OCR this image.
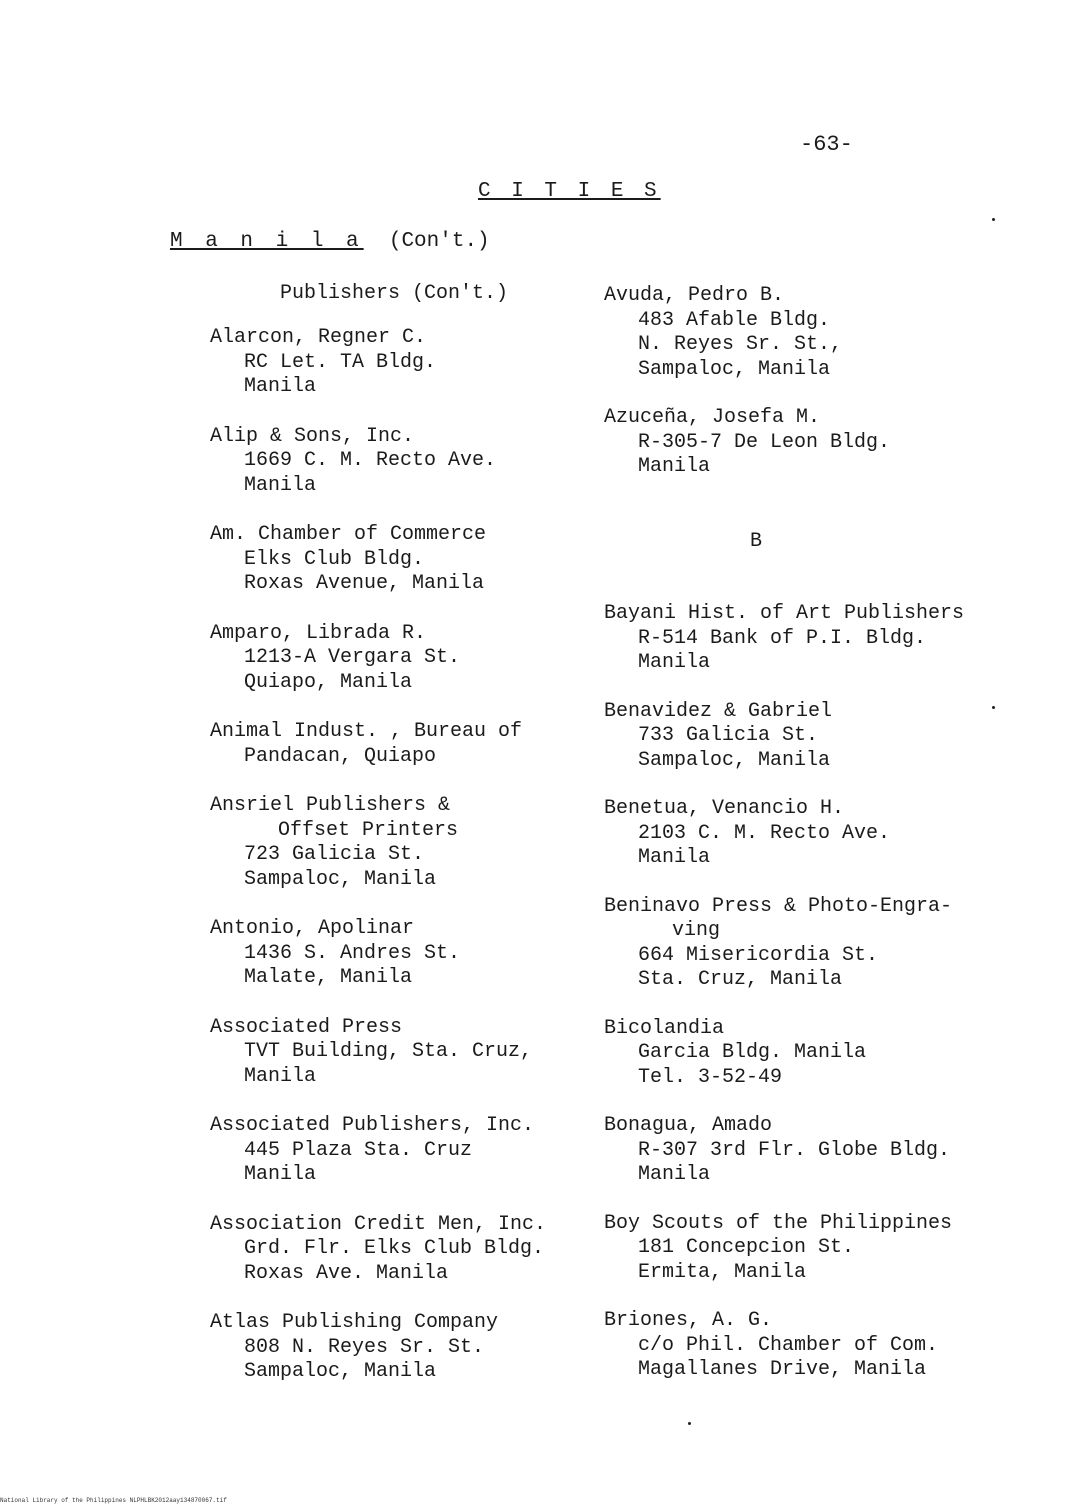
-63-
C I T I E S
M a n i l a (Con't.)
Publishers (Con't.)
Alarcon, Regner C.
RC Let. TA Bldg.
Manila
Alip & Sons, Inc.
1669 C. M. Recto Ave.
Manila
Am. Chamber of Commerce
Elks Club Bldg.
Roxas Avenue, Manila
Amparo, Librada R.
1213-A Vergara St.
Quiapo, Manila
Animal Indust. , Bureau of
Pandacan, Quiapo
Ansriel Publishers &
Offset Printers
723 Galicia St.
Sampaloc, Manila
Antonio, Apolinar
1436 S. Andres St.
Malate, Manila
Associated Press
TVT Building, Sta. Cruz,
Manila
Associated Publishers, Inc.
445 Plaza Sta. Cruz
Manila
Association Credit Men, Inc.
Grd. Flr. Elks Club Bldg.
Roxas Ave. Manila
Atlas Publishing Company
808 N. Reyes Sr. St.
Sampaloc, Manila
Avuda, Pedro B.
483 Afable Bldg.
N. Reyes Sr. St.,
Sampaloc, Manila
Azuceña, Josefa M.
R-305-7 De Leon Bldg.
Manila
B
Bayani Hist. of Art Publishers
R-514 Bank of P.I. Bldg.
Manila
Benavidez & Gabriel
733 Galicia St.
Sampaloc, Manila
Benetua, Venancio H.
2103 C. M. Recto Ave.
Manila
Beninavo Press & Photo-Engra-
ving
664 Misericordia St.
Sta. Cruz, Manila
Bicolandia
Garcia Bldg. Manila
Tel. 3-52-49
Bonagua, Amado
R-307 3rd Flr. Globe Bldg.
Manila
Boy Scouts of the Philippines
181 Concepcion St.
Ermita, Manila
Briones, A. G.
c/o Phil. Chamber of Com.
Magallanes Drive, Manila
National Library of the Philippines NLPHLBK2012aay134870067.tif
